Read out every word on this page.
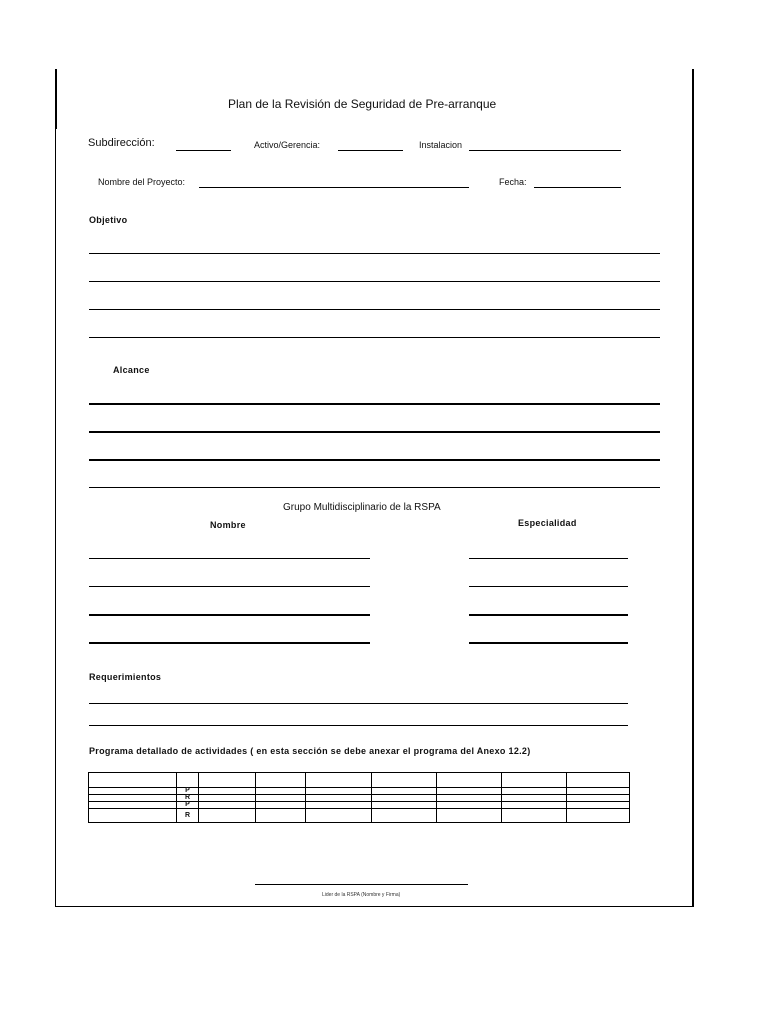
Plan de la Revisión de Seguridad de Pre-arranque
Subdirección:	Activo/Gerencia:	Instalacion
Nombre del Proyecto:	Fecha:
Objetivo
Alcance
Grupo Multidisciplinario de la RSPA
Nombre	Especialidad
Requerimientos
Programa detallado de actividades ( en esta sección se debe anexar el programa del Anexo 12.2)

	P							
	R							
	P							
	R							
Lider de la RSPA (Nombre y Firma)
